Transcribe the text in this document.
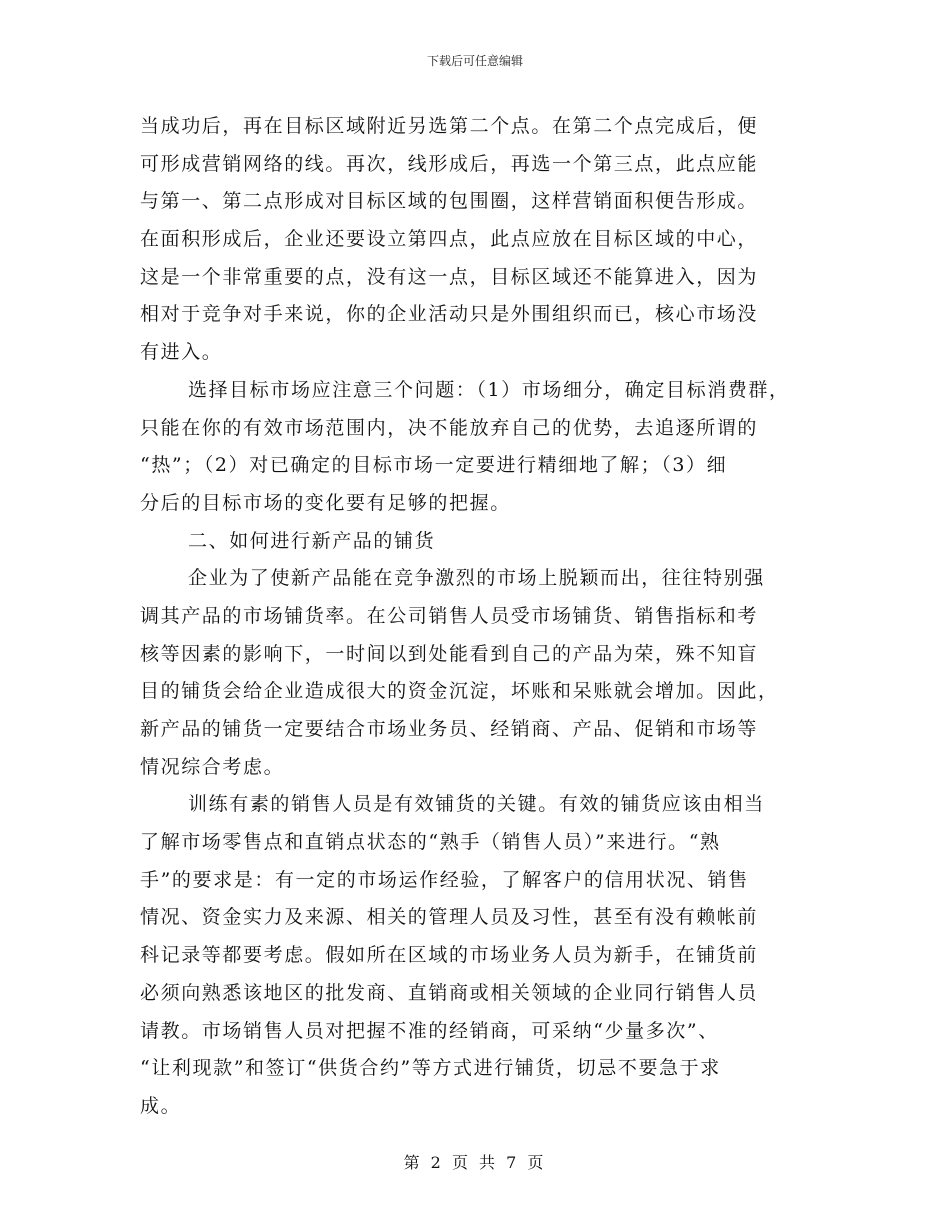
下载后可任意编辑
当成功后，再在目标区域附近另选第二个点。在第二个点完成后，便
可形成营销网络的线。再次，线形成后，再选一个第三点，此点应能
与第一、第二点形成对目标区域的包围圈，这样营销面积便告形成。
在面积形成后，企业还要设立第四点，此点应放在目标区域的中心，
这是一个非常重要的点，没有这一点，目标区域还不能算进入，因为
相对于竞争对手来说，你的企业活动只是外围组织而已，核心市场没
有进入。
选择目标市场应注意三个问题：（1）市场细分，确定目标消费群，
只能在你的有效市场范围内，决不能放弃自己的优势，去追逐所谓的
“热”；（2）对已确定的目标市场一定要进行精细地了解；（3）细
分后的目标市场的变化要有足够的把握。
二、如何进行新产品的铺货
企业为了使新产品能在竞争激烈的市场上脱颖而出，往往特别强
调其产品的市场铺货率。在公司销售人员受市场铺货、销售指标和考
核等因素的影响下，一时间以到处能看到自己的产品为荣，殊不知盲
目的铺货会给企业造成很大的资金沉淀，坏账和呆账就会增加。因此，
新产品的铺货一定要结合市场业务员、经销商、产品、促销和市场等
情况综合考虑。
训练有素的销售人员是有效铺货的关键。有效的铺货应该由相当
了解市场零售点和直销点状态的“熟手（销售人员）”来进行。“熟
手”的要求是：有一定的市场运作经验，了解客户的信用状况、销售
情况、资金实力及来源、相关的管理人员及习性，甚至有没有赖帐前
科记录等都要考虑。假如所在区域的市场业务人员为新手，在铺货前
必须向熟悉该地区的批发商、直销商或相关领域的企业同行销售人员
请教。市场销售人员对把握不准的经销商，可采纳“少量多次”、
“让利现款”和签订“供货合约”等方式进行铺货，切忌不要急于求
成。
第 2 页 共 7 页
